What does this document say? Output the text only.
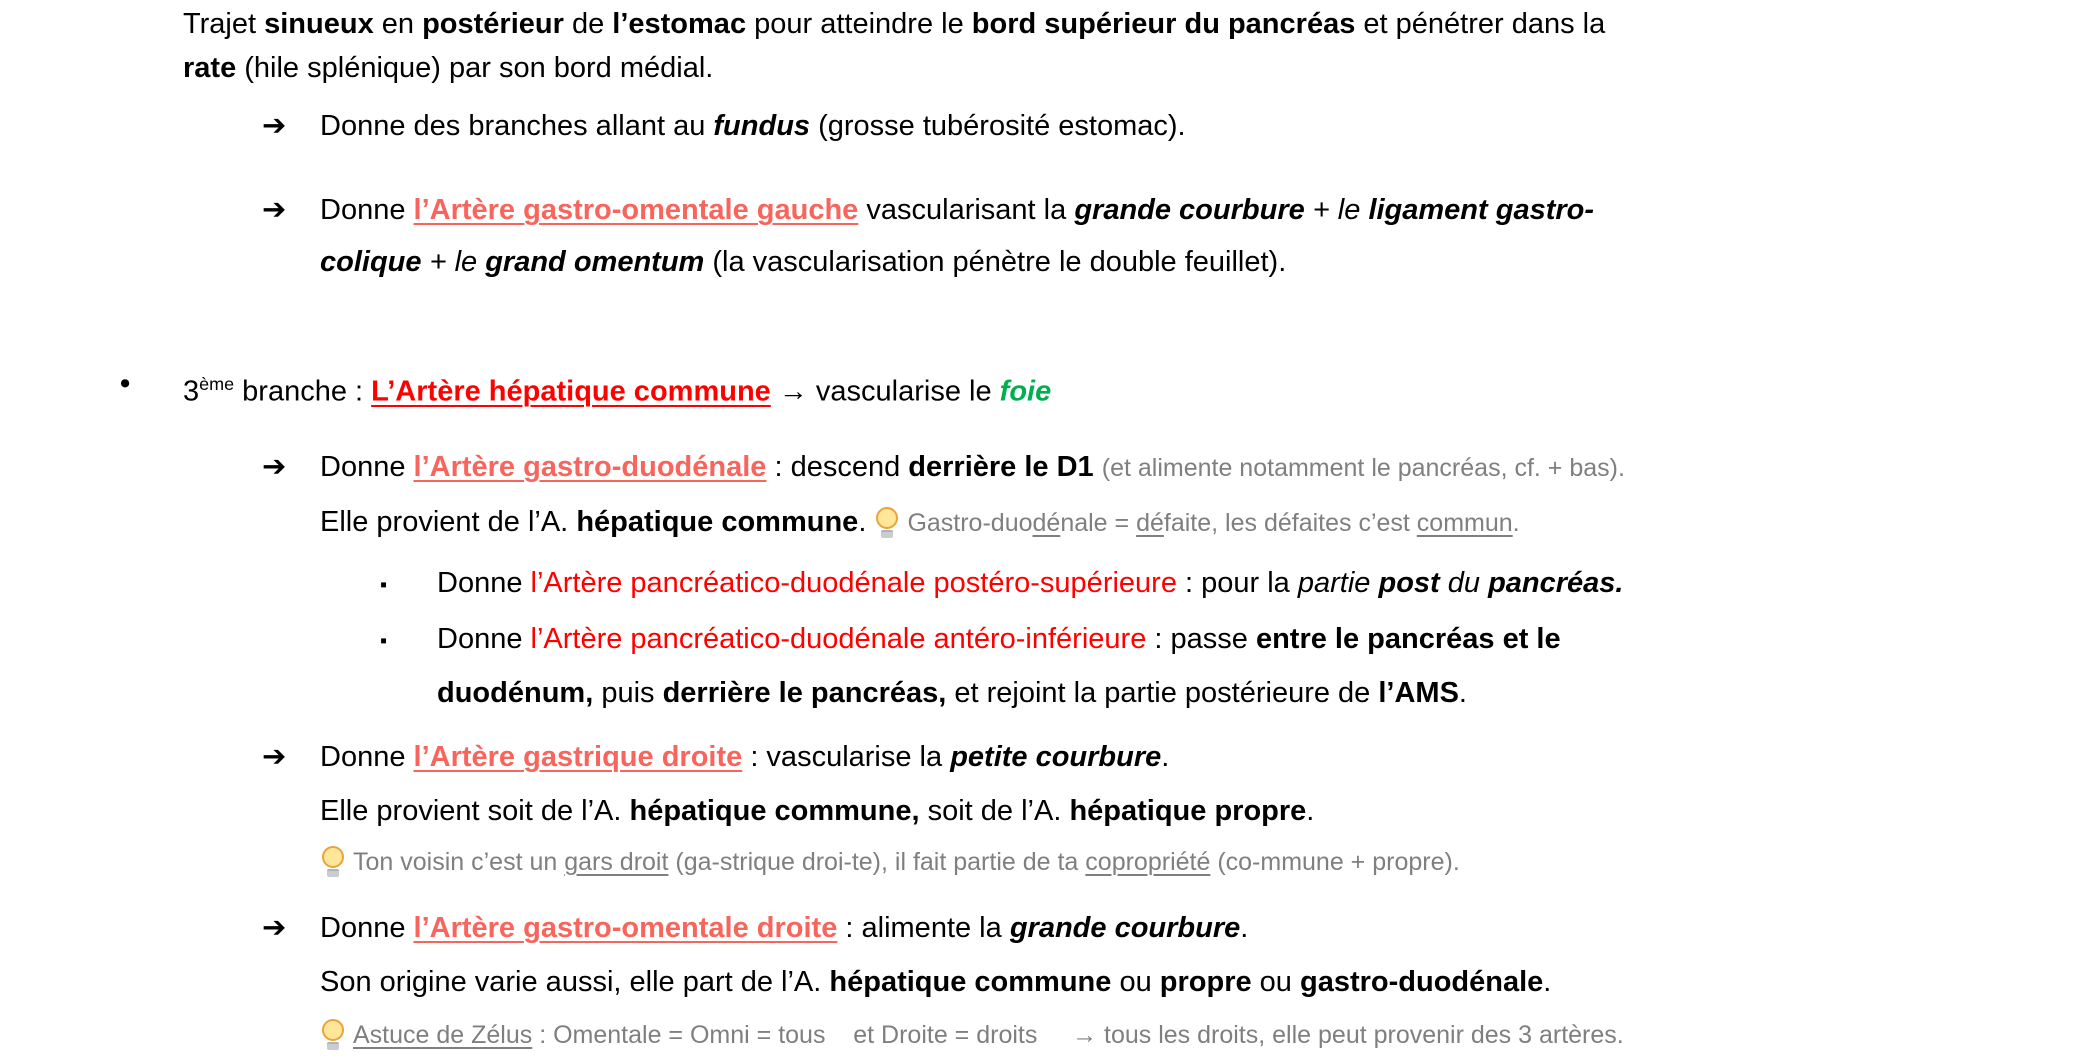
Trajet sinueux en postérieur de l’estomac pour atteindre le bord supérieur du pancréas et pénétrer dans la
rate (hile splénique) par son bord médial.
➔	Donne des branches allant au fundus (grosse tubérosité estomac).
➔	Donne l’Artère gastro-omentale gauche vascularisant la grande courbure + le ligament gastro-
colique + le grand omentum (la vascularisation pénètre le double feuillet).
•	3ème branche : L’Artère hépatique commune → vascularise le foie
➔	Donne l’Artère gastro-duodénale : descend derrière le D1 (et alimente notamment le pancréas, cf. + bas).
Elle provient de l’A. hépatique commune. Gastro-duodénale = défaite, les défaites c’est commun.
▪	Donne l’Artère pancréatico-duodénale postéro-supérieure : pour la partie post du pancréas.
▪	Donne l’Artère pancréatico-duodénale antéro-inférieure : passe entre le pancréas et le
duodénum, puis derrière le pancréas, et rejoint la partie postérieure de l’AMS.
➔	Donne l’Artère gastrique droite : vascularise la petite courbure.
Elle provient soit de l’A. hépatique commune, soit de l’A. hépatique propre.
Ton voisin c’est un gars droit (ga-strique droi-te), il fait partie de ta copropriété (co-mmune + propre).
➔	Donne l’Artère gastro-omentale droite : alimente la grande courbure.
Son origine varie aussi, elle part de l’A. hépatique commune ou propre ou gastro-duodénale.
Astuce de Zélus : Omentale = Omni = tous    et Droite = droits     → tous les droits, elle peut provenir des 3 artères.
